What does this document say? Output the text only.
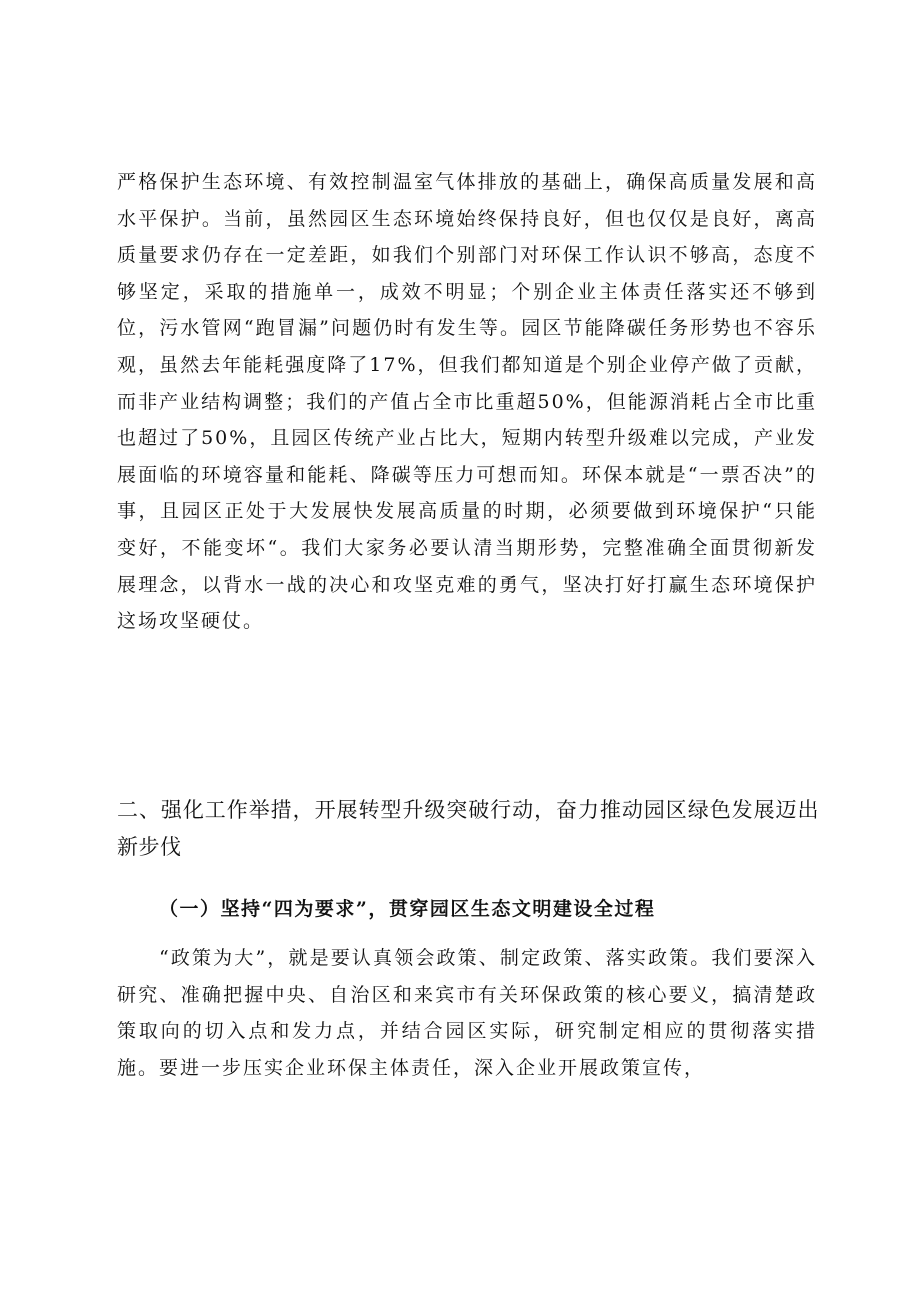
严格保护生态环境、有效控制温室气体排放的基础上，确保高质量发展和高水平保护。当前，虽然园区生态环境始终保持良好，但也仅仅是良好，离高质量要求仍存在一定差距，如我们个别部门对环保工作认识不够高，态度不够坚定，采取的措施单一，成效不明显；个别企业主体责任落实还不够到位，污水管网“跑冒漏”问题仍时有发生等。园区节能降碳任务形势也不容乐观，虽然去年能耗强度降了17%，但我们都知道是个别企业停产做了贡献，而非产业结构调整；我们的产值占全市比重超50%，但能源消耗占全市比重也超过了50%，且园区传统产业占比大，短期内转型升级难以完成，产业发展面临的环境容量和能耗、降碳等压力可想而知。环保本就是“一票否决”的事，且园区正处于大发展快发展高质量的时期，必须要做到环境保护“只能变好，不能变坏“。我们大家务必要认清当期形势，完整准确全面贯彻新发展理念，以背水一战的决心和攻坚克难的勇气，坚决打好打赢生态环境保护这场攻坚硬仗。

二、强化工作举措，开展转型升级突破行动，奋力推动园区绿色发展迈出新步伐
（一）坚持“四为要求”，贯穿园区生态文明建设全过程

“政策为大”，就是要认真领会政策、制定政策、落实政策。我们要深入研究、准确把握中央、自治区和来宾市有关环保政策的核心要义，搞清楚政策取向的切入点和发力点，并结合园区实际，研究制定相应的贯彻落实措施。要进一步压实企业环保主体责任，深入企业开展政策宣传，
